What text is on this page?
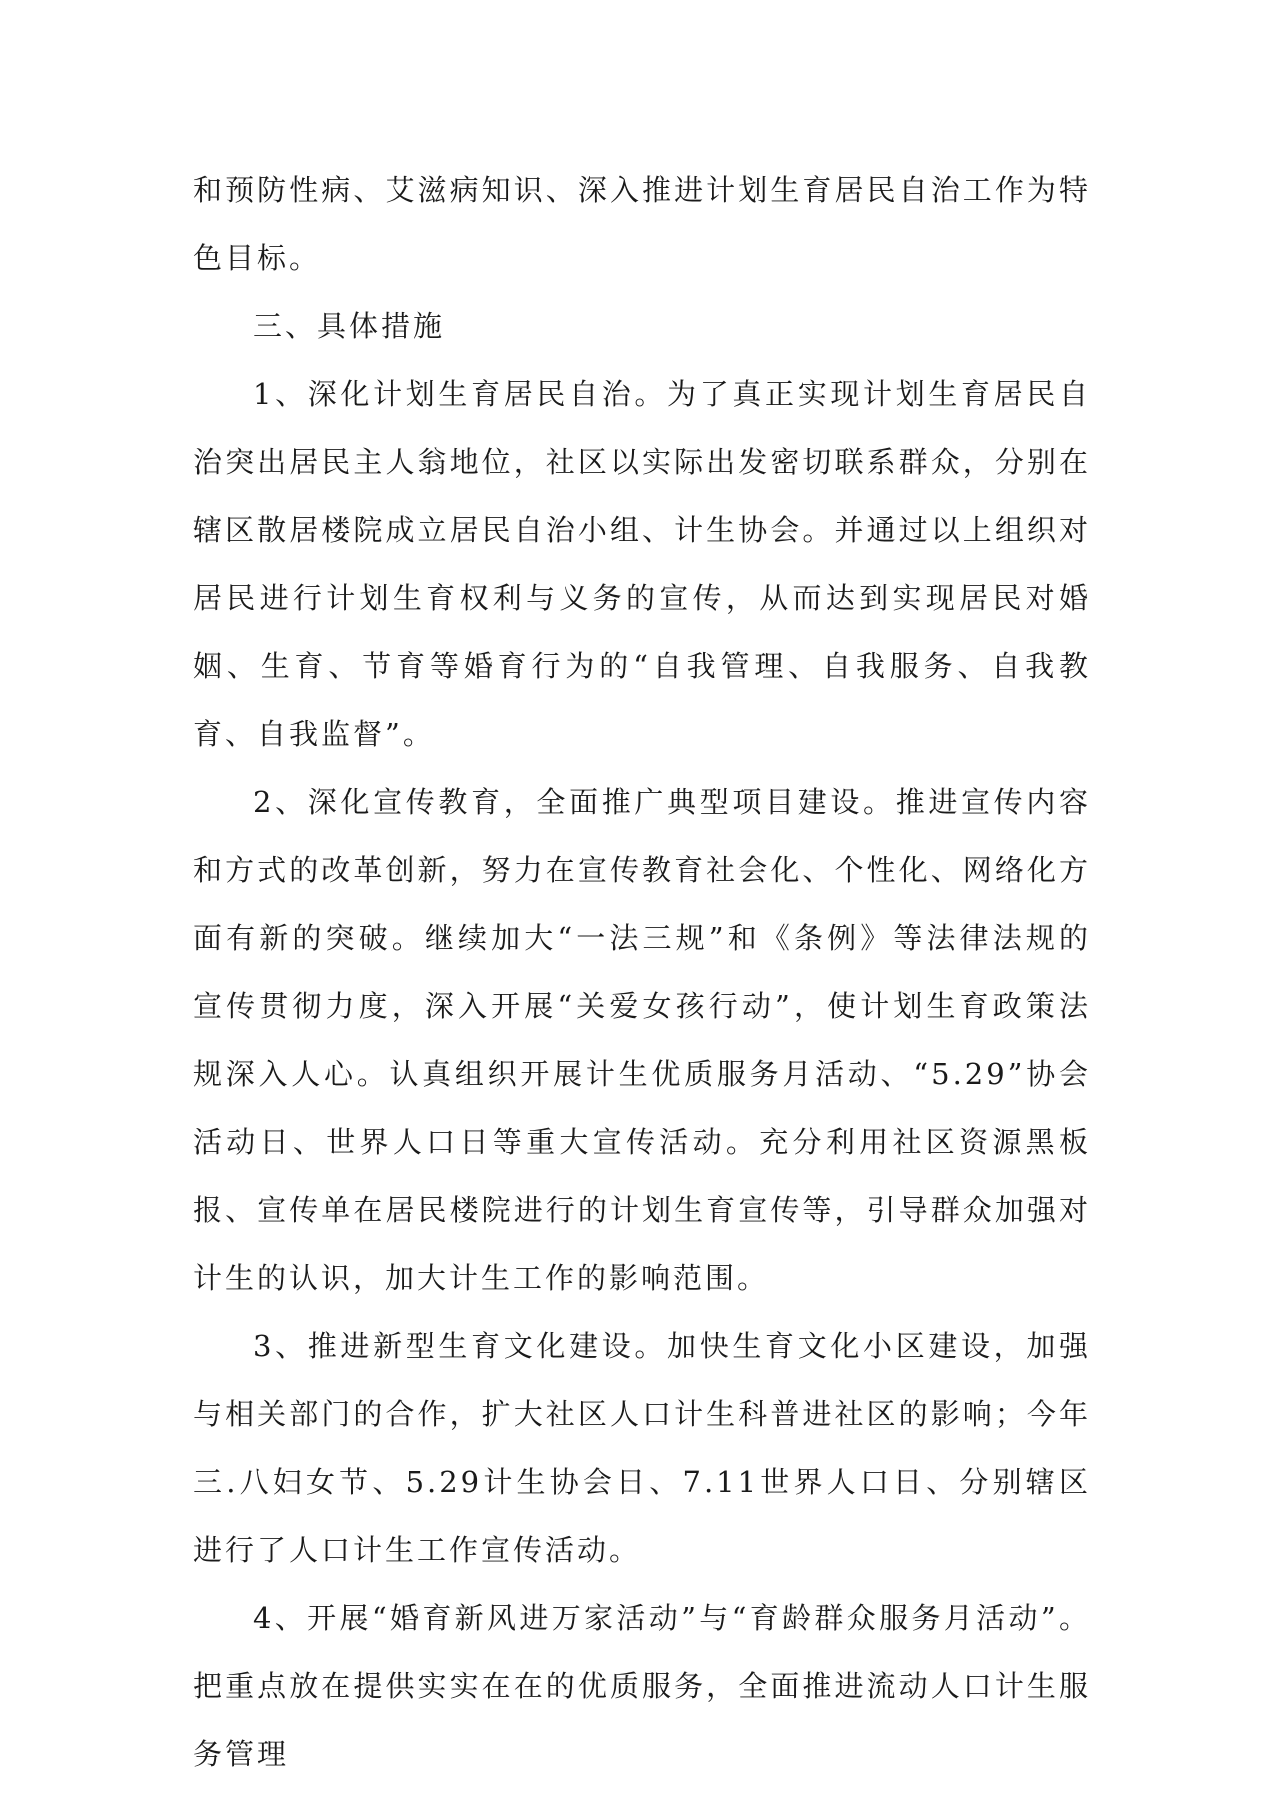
和预防性病、艾滋病知识、深入推进计划生育居民自治工作为特色目标。

三、具体措施

1、深化计划生育居民自治。为了真正实现计划生育居民自治突出居民主人翁地位，社区以实际出发密切联系群众，分别在辖区散居楼院成立居民自治小组、计生协会。并通过以上组织对居民进行计划生育权利与义务的宣传，从而达到实现居民对婚姻、生育、节育等婚育行为的“自我管理、自我服务、自我教育、自我监督”。

2、深化宣传教育，全面推广典型项目建设。推进宣传内容和方式的改革创新，努力在宣传教育社会化、个性化、网络化方面有新的突破。继续加大“一法三规”和《条例》等法律法规的宣传贯彻力度，深入开展“关爱女孩行动”，使计划生育政策法规深入人心。认真组织开展计生优质服务月活动、“5.29”协会活动日、世界人口日等重大宣传活动。充分利用社区资源黑板报、宣传单在居民楼院进行的计划生育宣传等，引导群众加强对计生的认识，加大计生工作的影响范围。

3、推进新型生育文化建设。加快生育文化小区建设，加强与相关部门的合作，扩大社区人口计生科普进社区的影响；今年三.八妇女节、5.29计生协会日、7.11世界人口日、分别辖区进行了人口计生工作宣传活动。

4、开展“婚育新风进万家活动”与“育龄群众服务月活动”。把重点放在提供实实在在的优质服务，全面推进流动人口计生服务管理
